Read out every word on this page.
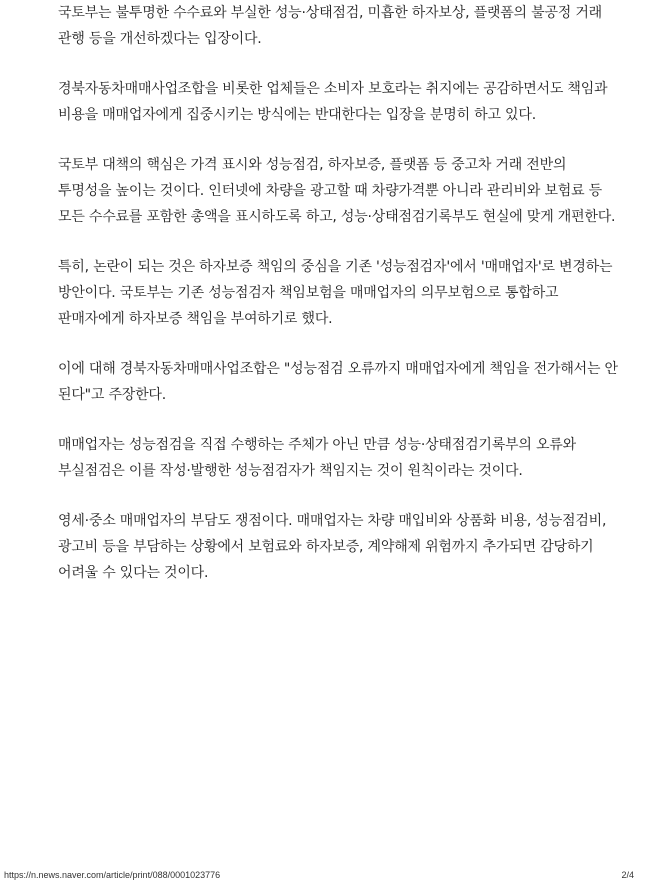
국토부는 불투명한 수수료와 부실한 성능·상태점검, 미흡한 하자보상, 플랫폼의 불공정 거래 관행 등을 개선하겠다는 입장이다.

경북자동차매매사업조합을 비롯한 업체들은 소비자 보호라는 취지에는 공감하면서도 책임과 비용을 매매업자에게 집중시키는 방식에는 반대한다는 입장을 분명히 하고 있다.

국토부 대책의 핵심은 가격 표시와 성능점검, 하자보증, 플랫폼 등 중고차 거래 전반의 투명성을 높이는 것이다. 인터넷에 차량을 광고할 때 차량가격뿐 아니라 관리비와 보험료 등 모든 수수료를 포함한 총액을 표시하도록 하고, 성능·상태점검기록부도 현실에 맞게 개편한다.

특히, 논란이 되는 것은 하자보증 책임의 중심을 기존 '성능점검자'에서 '매매업자'로 변경하는 방안이다. 국토부는 기존 성능점검자 책임보험을 매매업자의 의무보험으로 통합하고 판매자에게 하자보증 책임을 부여하기로 했다.

이에 대해 경북자동차매매사업조합은 "성능점검 오류까지 매매업자에게 책임을 전가해서는 안 된다"고 주장한다.

매매업자는 성능점검을 직접 수행하는 주체가 아닌 만큼 성능·상태점검기록부의 오류와 부실점검은 이를 작성·발행한 성능점검자가 책임지는 것이 원칙이라는 것이다.

영세·중소 매매업자의 부담도 쟁점이다. 매매업자는 차량 매입비와 상품화 비용, 성능점검비, 광고비 등을 부담하는 상황에서 보험료와 하자보증, 계약해제 위험까지 추가되면 감당하기 어려울 수 있다는 것이다.

https://n.news.naver.com/article/print/088/0001023776	2/4
